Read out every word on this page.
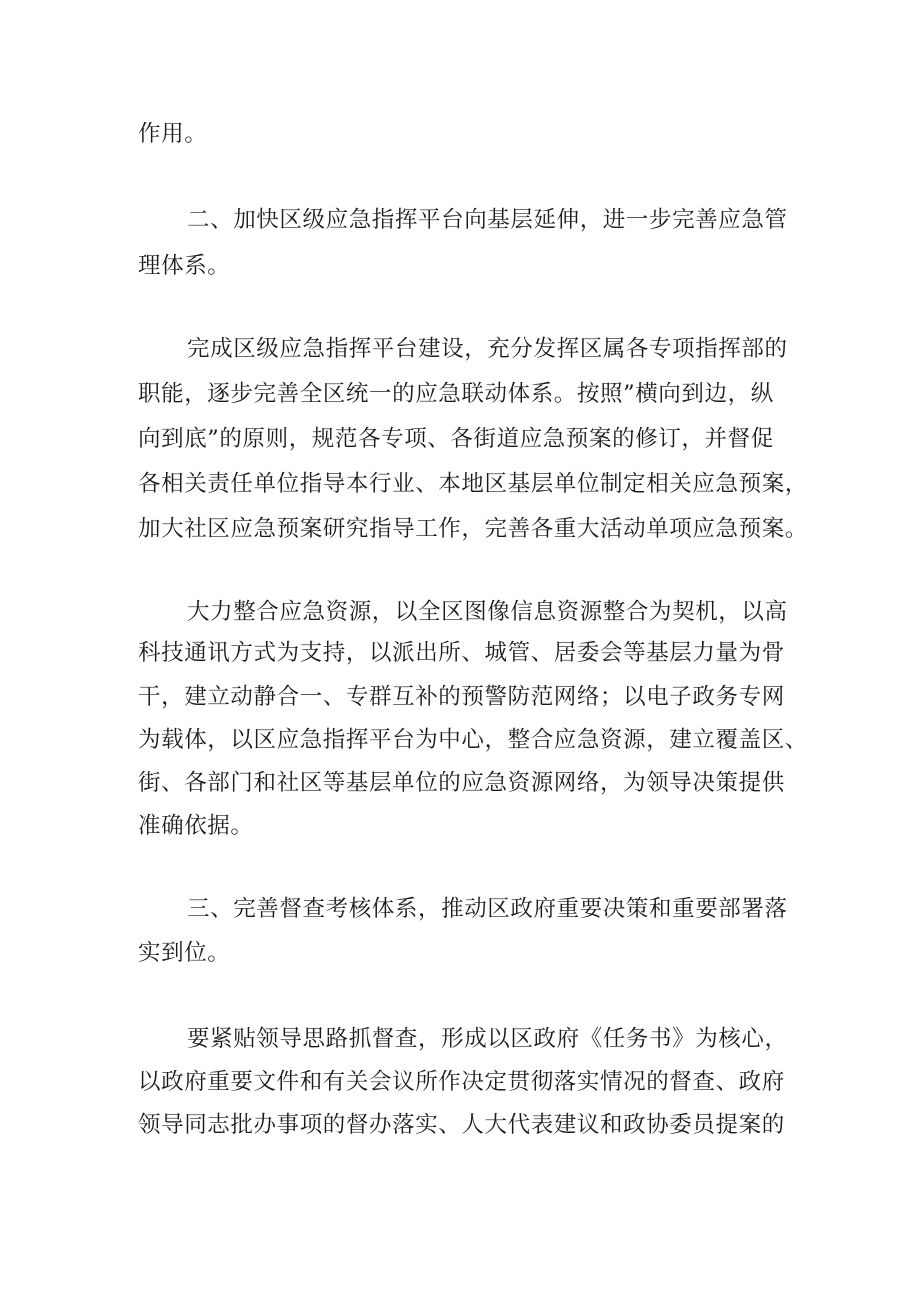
作用。
二、加快区级应急指挥平台向基层延伸，进一步完善应急管
理体系。
完成区级应急指挥平台建设，充分发挥区属各专项指挥部的
职能，逐步完善全区统一的应急联动体系。按照”横向到边，纵
向到底”的原则，规范各专项、各街道应急预案的修订，并督促
各相关责任单位指导本行业、本地区基层单位制定相关应急预案，
加大社区应急预案研究指导工作，完善各重大活动单项应急预案。
大力整合应急资源，以全区图像信息资源整合为契机，以高
科技通讯方式为支持，以派出所、城管、居委会等基层力量为骨
干，建立动静合一、专群互补的预警防范网络；以电子政务专网
为载体，以区应急指挥平台为中心，整合应急资源，建立覆盖区、
街、各部门和社区等基层单位的应急资源网络，为领导决策提供
准确依据。
三、完善督查考核体系，推动区政府重要决策和重要部署落
实到位。
要紧贴领导思路抓督查，形成以区政府《任务书》为核心，
以政府重要文件和有关会议所作决定贯彻落实情况的督查、政府
领导同志批办事项的督办落实、人大代表建议和政协委员提案的
